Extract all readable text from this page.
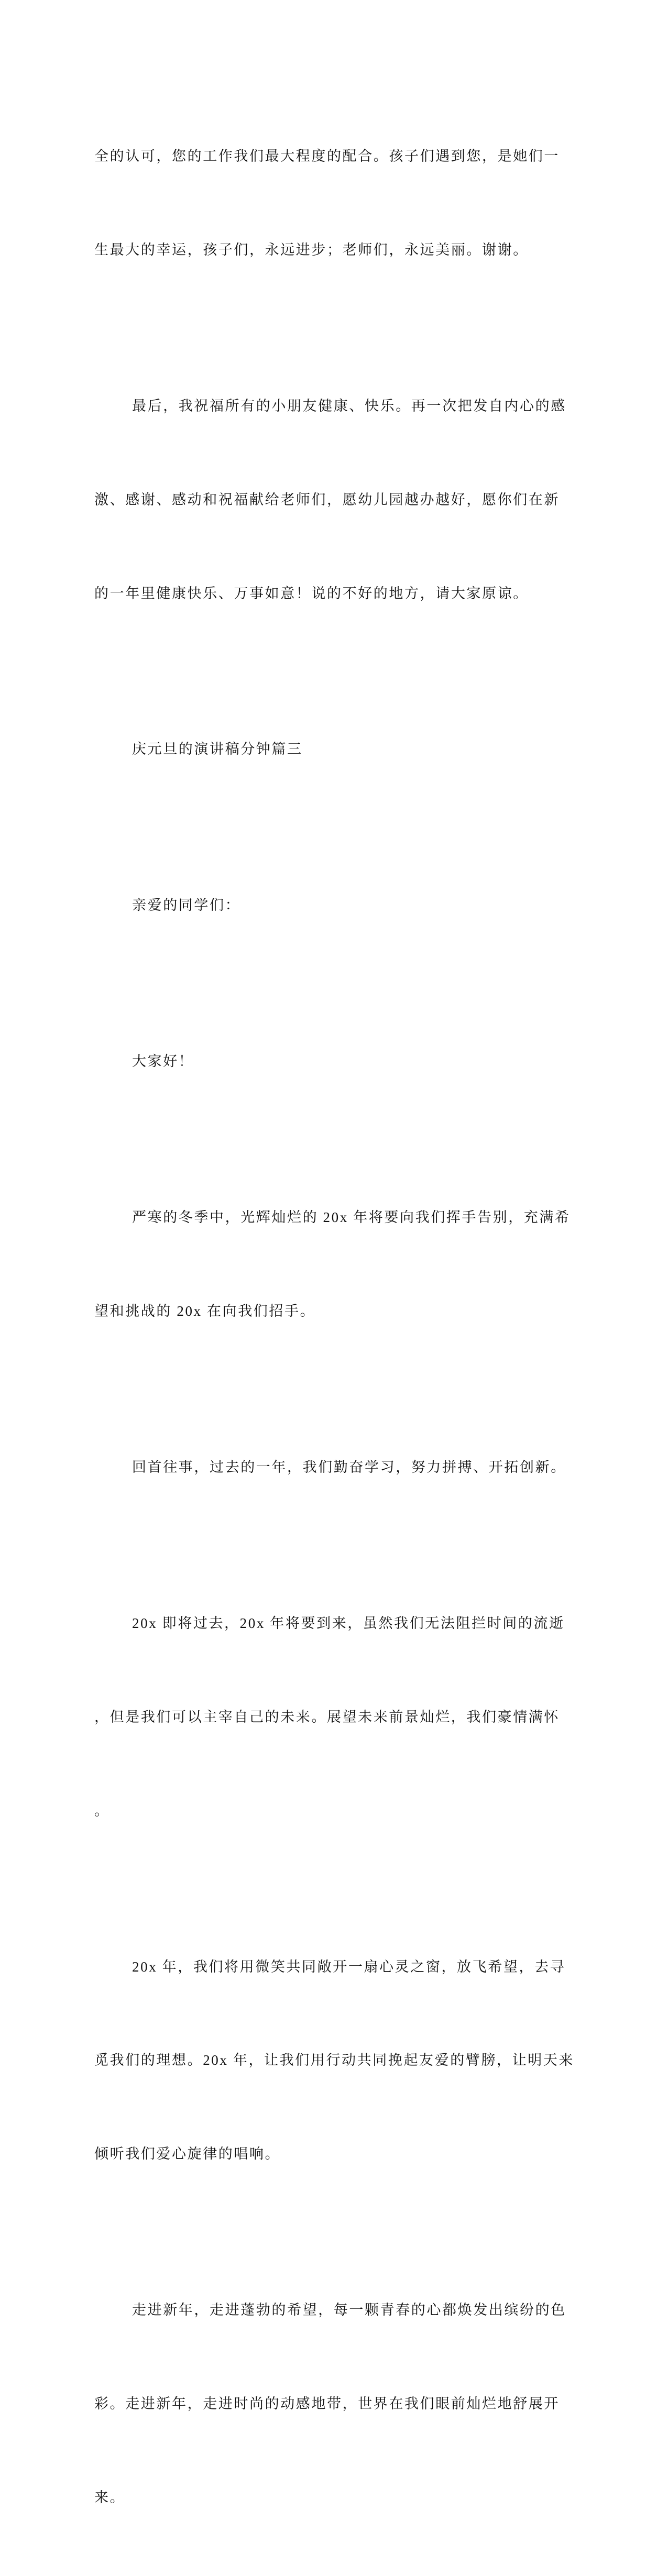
全的认可，您的工作我们最大程度的配合。孩子们遇到您，是她们一

生最大的幸运，孩子们，永远进步；老师们，永远美丽。谢谢。

最后，我祝福所有的小朋友健康、快乐。再一次把发自内心的感

激、感谢、感动和祝福献给老师们，愿幼儿园越办越好，愿你们在新

的一年里健康快乐、万事如意！说的不好的地方，请大家原谅。

庆元旦的演讲稿分钟篇三

亲爱的同学们：

大家好！

严寒的冬季中，光辉灿烂的 20x 年将要向我们挥手告别，充满希

望和挑战的 20x 在向我们招手。

回首往事，过去的一年，我们勤奋学习，努力拼搏、开拓创新。

20x 即将过去，20x 年将要到来，虽然我们无法阻拦时间的流逝

，但是我们可以主宰自己的未来。展望未来前景灿烂，我们豪情满怀

。

20x 年，我们将用微笑共同敞开一扇心灵之窗，放飞希望，去寻

觅我们的理想。20x 年，让我们用行动共同挽起友爱的臂膀，让明天来

倾听我们爱心旋律的唱响。

走进新年，走进蓬勃的希望，每一颗青春的心都焕发出缤纷的色

彩。走进新年，走进时尚的动感地带，世界在我们眼前灿烂地舒展开

来。
